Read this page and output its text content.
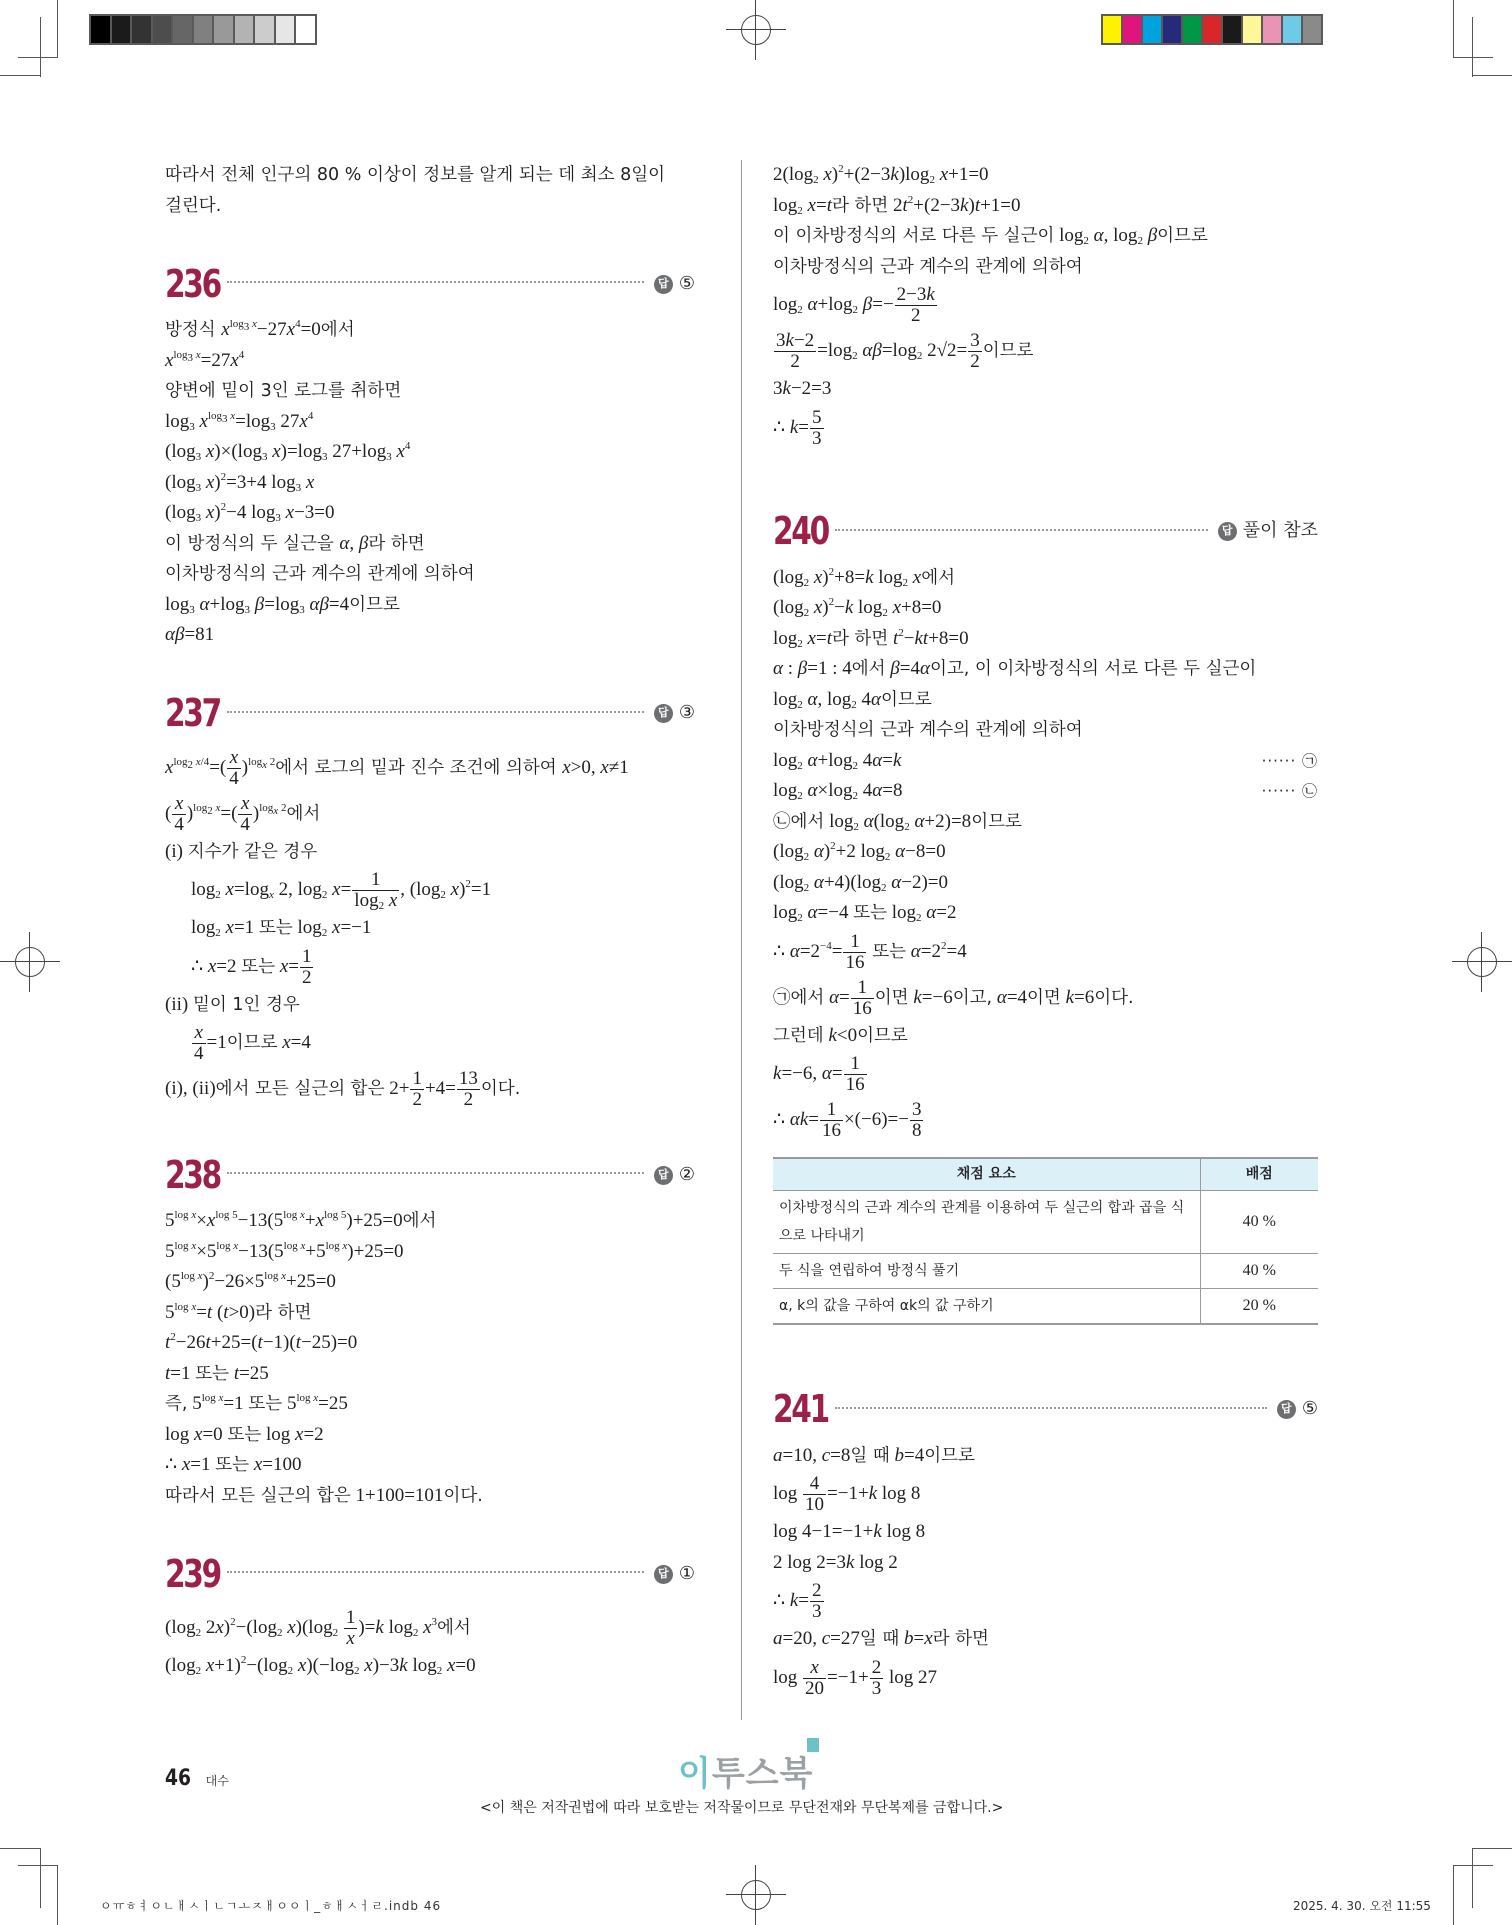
따라서 전체 인구의 80 % 이상이 정보를 알게 되는 데 최소 8일이
걸린다.
236	답 ⑤
방정식 $x^{log_3 x}-27x^4=0$에서
$x^{log_3 x}=27x^4$
양변에 밑이 3인 로그를 취하면
$\log_3 x^{log_3 x}=\log_3$ $27x^4$
($\log_3$ $x)\times(\log_3$ $x)=\log_3$ $27+\log_3$ $x^4$
($\log_3$ x)$^2$=3+4 $\log_3 x$
($\log_3$ x)$^2$−4 $\log_3 x-3=0$
이 방정식의 두 실근을 α, β라 하면
이차방정식의 근과 계수의 관계에 의하여
$\log_3 \alpha+\log_3$ $\beta=\log_3$ αβ=4이므로
αβ=81
237	답 ③
$x^{log_2 x/4}=( \frac{x}{4} )^{log_x 2}$에서 로그의 밑과 진수 조건에 의하여 x>0, x≠1
( $\frac{x}{4} )^{log_2 x}=( \frac{x}{4} )^{log_x 2}$에서
(i) 지수가 같은 경우
$\log_2 x=\log_x$ 2, $\log_2 x= \frac{1}{\log_2 x}$ , ($\log_2$ x)$^2$=1
$\log_2 x=1$ 또는 $\log_2 x=-1$
∴ x=2 또는 $x= \frac{1}{2}$
(ii) 밑이 1인 경우
$\frac{x}{4} =1$이므로 x=4
(i), (ii)에서 모든 실근의 합은 $2+ \frac{1}{2} +4= \frac{13}{2}$ 이다.
238	답 ②
$5^{log x}\times x^{log 5}-13(5^{log x}+x^{log 5})+25=0$에서
$5^{log x}\times 5^{log x}-13(5^{log x}+5^{log x})+25=0$
$(5^{log x})^2-26\times 5^{log x}+25=0$
$5^{log x}=t$ (t>0)라 하면
$t^2-26t+25=(t-1)(t-25)=0$
t=1 또는 t=25
즉, $5^{log x}=1$ 또는 $5^{log x}=25$
log x=0 또는 log x=2
∴ x=1 또는 x=100
따라서 모든 실근의 합은 1+100=101이다.
239	답 ①
($\log_2$ $2x)^2-(\log_2$ $x)(\log_2 \frac{1}{x} )=k$ $\log_2 x^3$에서
($\log_2$ $x+1)^2-(\log_2$ $x)(-\log_2$ x)−3k $\log_2 x=0$
$2(\log_2$ $x)^2+(2-3k)\log_2$ x+1=0
$\log_2 x=t$라 하면 $2t^2+(2-3k)t+1=0$
이 이차방정식의 서로 다른 두 실근이 $\log_2 \alpha$, $\log_2 \beta$이므로
이차방정식의 근과 계수의 관계에 의하여
$\log_2 \alpha+\log_2$ $\beta=- \frac{2-3k}{2}$
$\frac{3k-2}{2} =\log_2$ $\alpha\beta=\log_2$ $2√2= \frac{3}{2}$ 이므로
3k−2=3
∴ $k= \frac{5}{3}$
240	답 풀이 참조
($\log_2$ x)$^2$+8=k $\log_2 x$에서
($\log_2$ x)$^2$−k $\log_2 x+8=0$
$\log_2 x=t$라 하면 $t^2-kt+8=0$
α : β=1 : 4에서 β=4α이고, 이 이차방정식의 서로 다른 두 실근이
$\log_2 \alpha$, $\log_2 4\alpha$이므로
이차방정식의 근과 계수의 관계에 의하여
$\log_2 \alpha+\log_2$ 4α=k	······ ㉠
$\log_2 \alpha\times\log_2$ 4α=8	······ ㉡
㉡에서 $\log_2 \alpha(\log_2$ α+2)=8이므로
($\log_2$ α)$^2$+2 $\log_2 \alpha-8=0$
($\log_2$ $\alpha+4)(\log_2$ α−2)=0
$\log_2 \alpha=-4$ 또는 $\log_2 \alpha=2$
∴ $\alpha=2^{-4}= \frac{1}{16}$ 또는 $\alpha=2^2=4$
㉠에서 $\alpha= \frac{1}{16}$ 이면 k=−6이고, α=4이면 k=6이다.
그런데 k<0이므로
k=−6, $\alpha= \frac{1}{16}$
∴ $\alpha k= \frac{1}{16} \times(-6)=- \frac{3}{8}$
채점 요소	배점
이차방정식의 근과 계수의 관계를 이용하여 두 실근의 합과 곱을 식으로 나타내기	40 %
두 식을 연립하여 방정식 풀기	40 %
α, k의 값을 구하여 αk의 값 구하기	20 %
241	답 ⑤
a=10, c=8일 때 b=4이므로
$\log \frac{4}{10} =-1+k$ log 8
log 4−1=−1+k log 8
2 log 2=3k log 2
∴ $k= \frac{2}{3}$
a=20, c=27일 때 b=x라 하면
$\log \frac{x}{20} =-1+ \frac{2}{3}$ log 27
46 대수	이투스북
<이 책은 저작권법에 따라 보호받는 저작물이므로 무단전재와 무단복제를 금합니다.>
ㅇㅠㅎㅕㅇㄴㅐㅅㅣㄴㄱㅗㅈㅐㅇㅇㅣ_ㅎㅐㅅㅓㄹ.indb 46	2025. 4. 30. 오전 11:55
